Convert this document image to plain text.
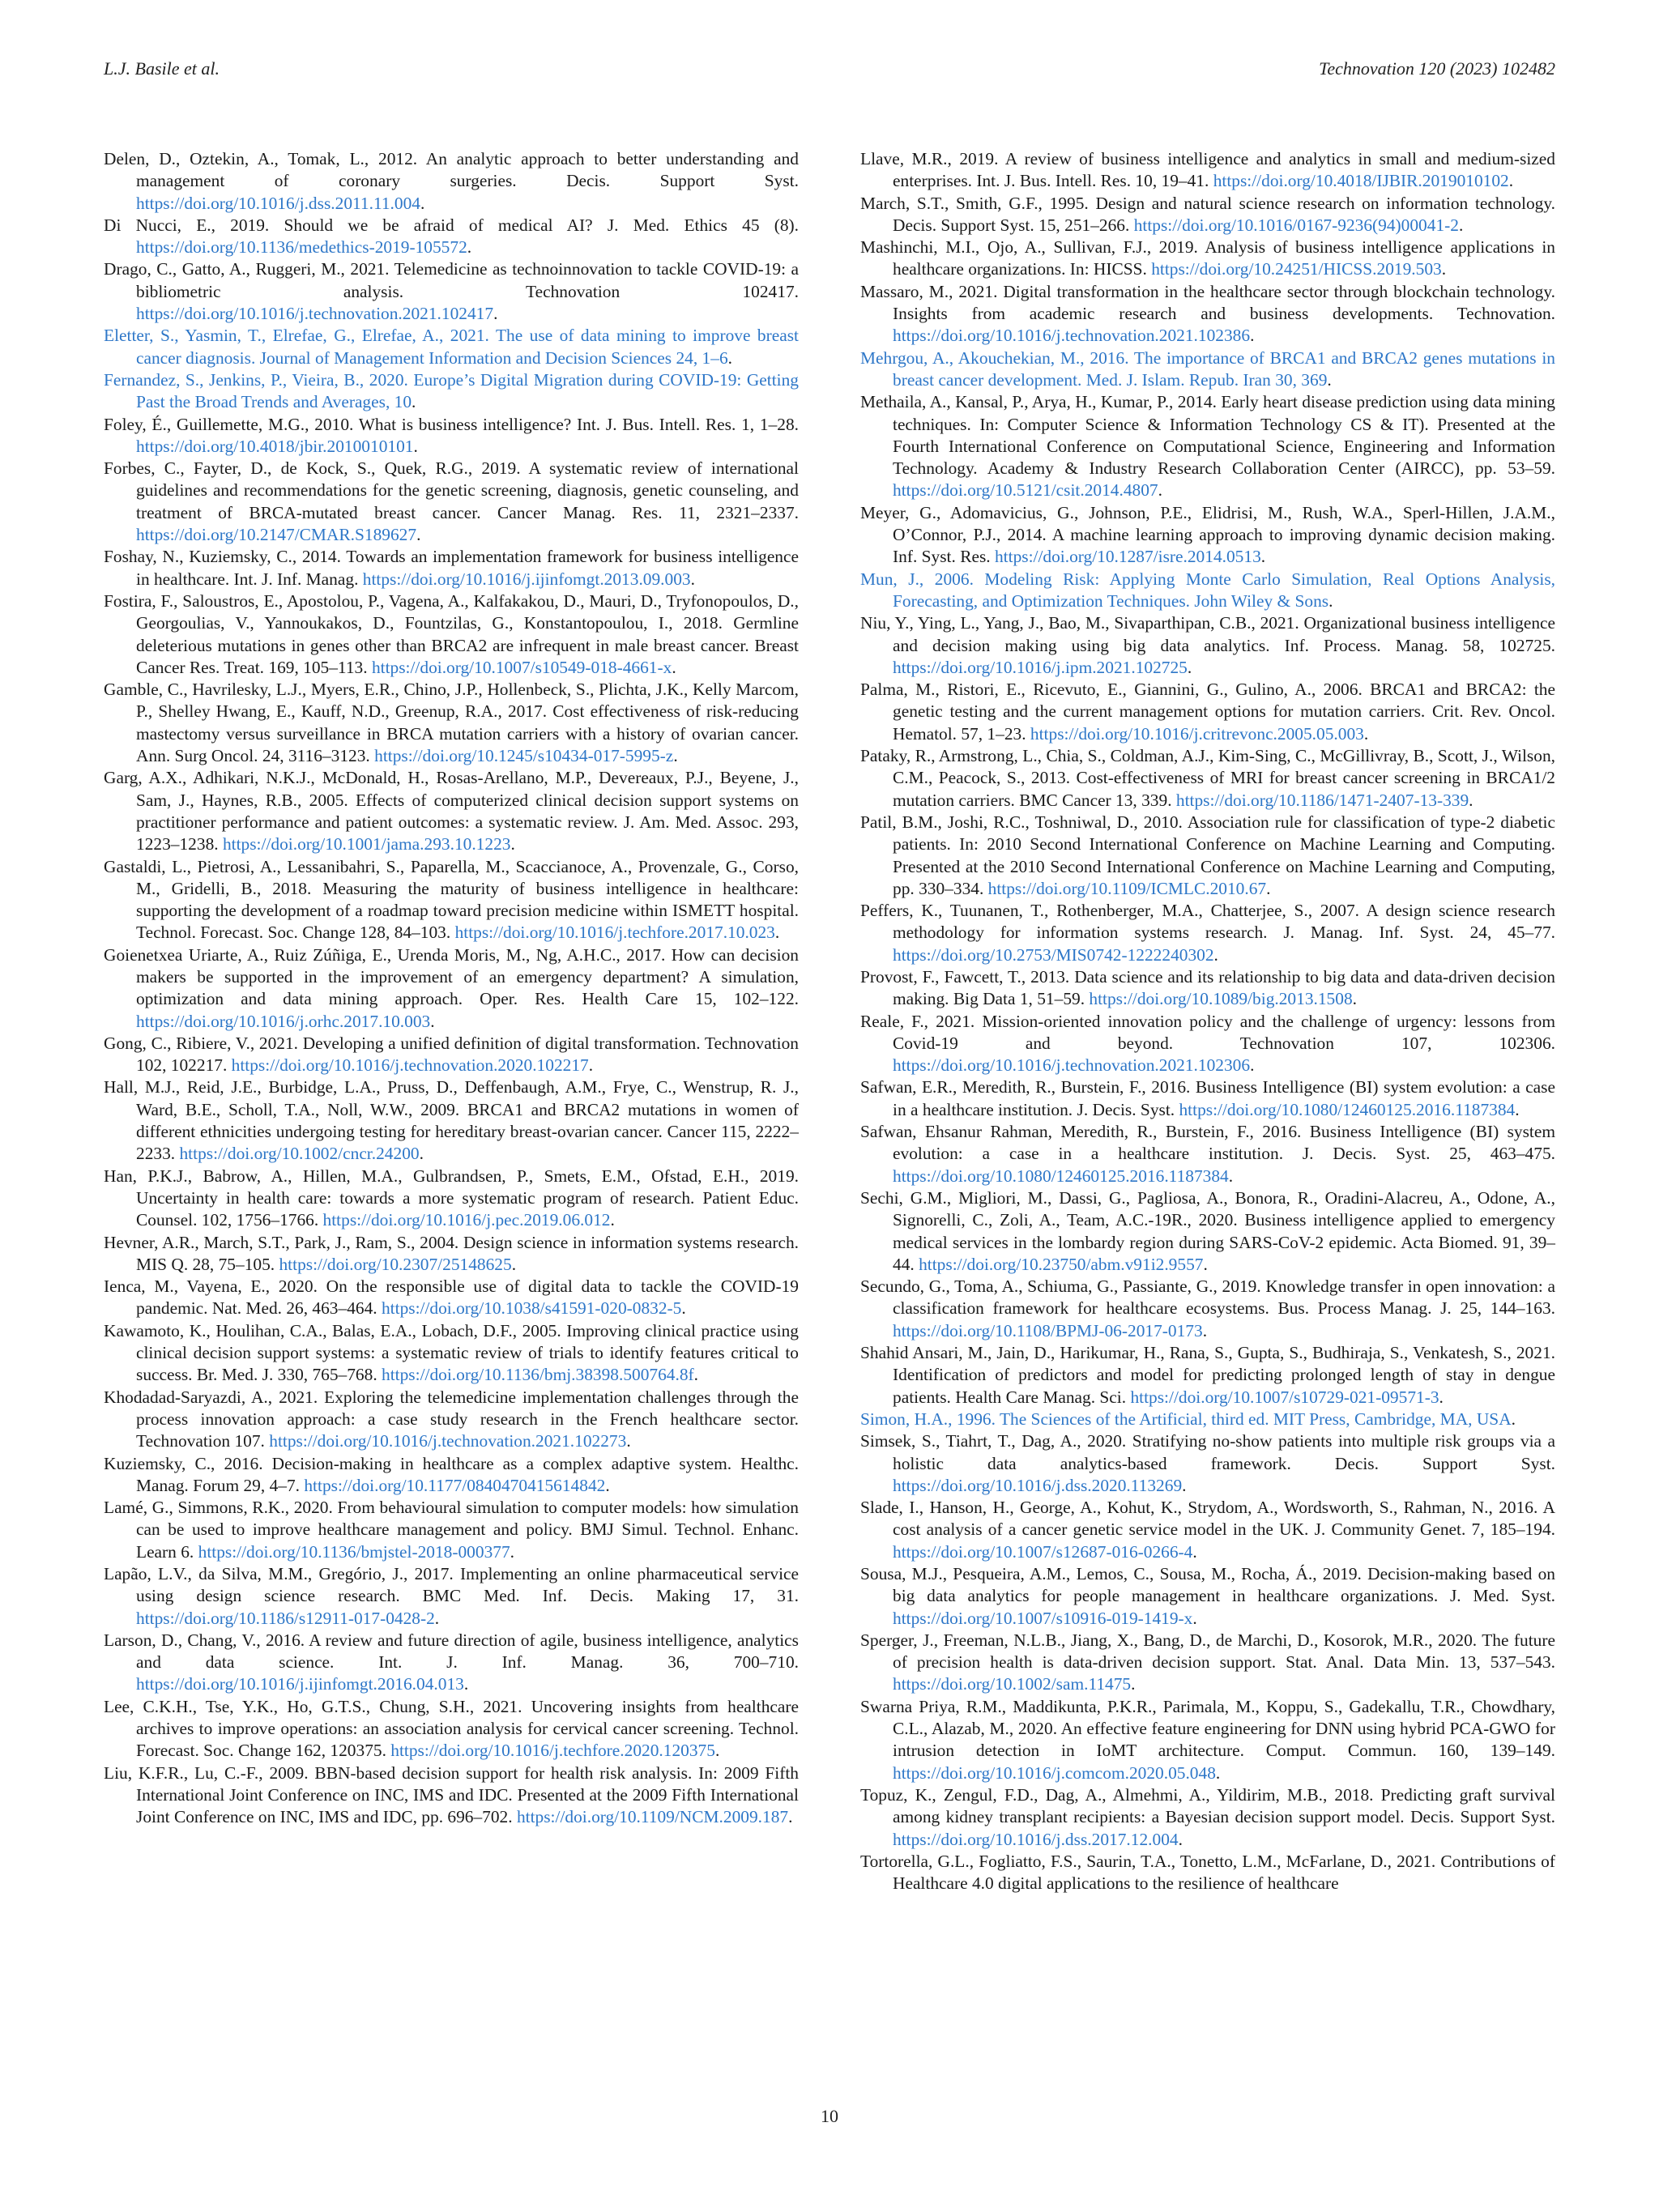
L.J. Basile et al.	Technovation 120 (2023) 102482

Delen, D., Oztekin, A., Tomak, L., 2012. An analytic approach to better understanding and management of coronary surgeries. Decis. Support Syst. https://doi.org/10.1016/j.dss.2011.11.004.

Di Nucci, E., 2019. Should we be afraid of medical AI? J. Med. Ethics 45 (8). https://doi.org/10.1136/medethics-2019-105572.

Drago, C., Gatto, A., Ruggeri, M., 2021. Telemedicine as technoinnovation to tackle COVID-19: a bibliometric analysis. Technovation 102417. https://doi.org/10.1016/j.technovation.2021.102417.

Eletter, S., Yasmin, T., Elrefae, G., Elrefae, A., 2021. The use of data mining to improve breast cancer diagnosis. Journal of Management Information and Decision Sciences 24, 1–6.

Fernandez, S., Jenkins, P., Vieira, B., 2020. Europe’s Digital Migration during COVID-19: Getting Past the Broad Trends and Averages, 10.

Foley, É., Guillemette, M.G., 2010. What is business intelligence? Int. J. Bus. Intell. Res. 1, 1–28. https://doi.org/10.4018/jbir.2010010101.

Forbes, C., Fayter, D., de Kock, S., Quek, R.G., 2019. A systematic review of international guidelines and recommendations for the genetic screening, diagnosis, genetic counseling, and treatment of BRCA-mutated breast cancer. Cancer Manag. Res. 11, 2321–2337. https://doi.org/10.2147/CMAR.S189627.

Foshay, N., Kuziemsky, C., 2014. Towards an implementation framework for business intelligence in healthcare. Int. J. Inf. Manag. https://doi.org/10.1016/j.ijinfomgt.2013.09.003.

Fostira, F., Saloustros, E., Apostolou, P., Vagena, A., Kalfakakou, D., Mauri, D., Tryfonopoulos, D., Georgoulias, V., Yannoukakos, D., Fountzilas, G., Konstantopoulou, I., 2018. Germline deleterious mutations in genes other than BRCA2 are infrequent in male breast cancer. Breast Cancer Res. Treat. 169, 105–113. https://doi.org/10.1007/s10549-018-4661-x.

Gamble, C., Havrilesky, L.J., Myers, E.R., Chino, J.P., Hollenbeck, S., Plichta, J.K., Kelly Marcom, P., Shelley Hwang, E., Kauff, N.D., Greenup, R.A., 2017. Cost effectiveness of risk-reducing mastectomy versus surveillance in BRCA mutation carriers with a history of ovarian cancer. Ann. Surg Oncol. 24, 3116–3123. https://doi.org/10.1245/s10434-017-5995-z.

Garg, A.X., Adhikari, N.K.J., McDonald, H., Rosas-Arellano, M.P., Devereaux, P.J., Beyene, J., Sam, J., Haynes, R.B., 2005. Effects of computerized clinical decision support systems on practitioner performance and patient outcomes: a systematic review. J. Am. Med. Assoc. 293, 1223–1238. https://doi.org/10.1001/jama.293.10.1223.

Gastaldi, L., Pietrosi, A., Lessanibahri, S., Paparella, M., Scaccianoce, A., Provenzale, G., Corso, M., Gridelli, B., 2018. Measuring the maturity of business intelligence in healthcare: supporting the development of a roadmap toward precision medicine within ISMETT hospital. Technol. Forecast. Soc. Change 128, 84–103. https://doi.org/10.1016/j.techfore.2017.10.023.

Goienetxea Uriarte, A., Ruiz Zúñiga, E., Urenda Moris, M., Ng, A.H.C., 2017. How can decision makers be supported in the improvement of an emergency department? A simulation, optimization and data mining approach. Oper. Res. Health Care 15, 102–122. https://doi.org/10.1016/j.orhc.2017.10.003.

Gong, C., Ribiere, V., 2021. Developing a unified definition of digital transformation. Technovation 102, 102217. https://doi.org/10.1016/j.technovation.2020.102217.

Hall, M.J., Reid, J.E., Burbidge, L.A., Pruss, D., Deffenbaugh, A.M., Frye, C., Wenstrup, R. J., Ward, B.E., Scholl, T.A., Noll, W.W., 2009. BRCA1 and BRCA2 mutations in women of different ethnicities undergoing testing for hereditary breast-ovarian cancer. Cancer 115, 2222–2233. https://doi.org/10.1002/cncr.24200.

Han, P.K.J., Babrow, A., Hillen, M.A., Gulbrandsen, P., Smets, E.M., Ofstad, E.H., 2019. Uncertainty in health care: towards a more systematic program of research. Patient Educ. Counsel. 102, 1756–1766. https://doi.org/10.1016/j.pec.2019.06.012.

Hevner, A.R., March, S.T., Park, J., Ram, S., 2004. Design science in information systems research. MIS Q. 28, 75–105. https://doi.org/10.2307/25148625.

Ienca, M., Vayena, E., 2020. On the responsible use of digital data to tackle the COVID-19 pandemic. Nat. Med. 26, 463–464. https://doi.org/10.1038/s41591-020-0832-5.

Kawamoto, K., Houlihan, C.A., Balas, E.A., Lobach, D.F., 2005. Improving clinical practice using clinical decision support systems: a systematic review of trials to identify features critical to success. Br. Med. J. 330, 765–768. https://doi.org/10.1136/bmj.38398.500764.8f.

Khodadad-Saryazdi, A., 2021. Exploring the telemedicine implementation challenges through the process innovation approach: a case study research in the French healthcare sector. Technovation 107. https://doi.org/10.1016/j.technovation.2021.102273.

Kuziemsky, C., 2016. Decision-making in healthcare as a complex adaptive system. Healthc. Manag. Forum 29, 4–7. https://doi.org/10.1177/0840470415614842.

Lamé, G., Simmons, R.K., 2020. From behavioural simulation to computer models: how simulation can be used to improve healthcare management and policy. BMJ Simul. Technol. Enhanc. Learn 6. https://doi.org/10.1136/bmjstel-2018-000377.

Lapão, L.V., da Silva, M.M., Gregório, J., 2017. Implementing an online pharmaceutical service using design science research. BMC Med. Inf. Decis. Making 17, 31. https://doi.org/10.1186/s12911-017-0428-2.

Larson, D., Chang, V., 2016. A review and future direction of agile, business intelligence, analytics and data science. Int. J. Inf. Manag. 36, 700–710. https://doi.org/10.1016/j.ijinfomgt.2016.04.013.

Lee, C.K.H., Tse, Y.K., Ho, G.T.S., Chung, S.H., 2021. Uncovering insights from healthcare archives to improve operations: an association analysis for cervical cancer screening. Technol. Forecast. Soc. Change 162, 120375. https://doi.org/10.1016/j.techfore.2020.120375.

Liu, K.F.R., Lu, C.-F., 2009. BBN-based decision support for health risk analysis. In: 2009 Fifth International Joint Conference on INC, IMS and IDC. Presented at the 2009 Fifth International Joint Conference on INC, IMS and IDC, pp. 696–702. https://doi.org/10.1109/NCM.2009.187.

Llave, M.R., 2019. A review of business intelligence and analytics in small and medium-sized enterprises. Int. J. Bus. Intell. Res. 10, 19–41. https://doi.org/10.4018/IJBIR.2019010102.

March, S.T., Smith, G.F., 1995. Design and natural science research on information technology. Decis. Support Syst. 15, 251–266. https://doi.org/10.1016/0167-9236(94)00041-2.

Mashinchi, M.I., Ojo, A., Sullivan, F.J., 2019. Analysis of business intelligence applications in healthcare organizations. In: HICSS. https://doi.org/10.24251/HICSS.2019.503.

Massaro, M., 2021. Digital transformation in the healthcare sector through blockchain technology. Insights from academic research and business developments. Technovation. https://doi.org/10.1016/j.technovation.2021.102386.

Mehrgou, A., Akouchekian, M., 2016. The importance of BRCA1 and BRCA2 genes mutations in breast cancer development. Med. J. Islam. Repub. Iran 30, 369.

Methaila, A., Kansal, P., Arya, H., Kumar, P., 2014. Early heart disease prediction using data mining techniques. In: Computer Science & Information Technology CS & IT). Presented at the Fourth International Conference on Computational Science, Engineering and Information Technology. Academy & Industry Research Collaboration Center (AIRCC), pp. 53–59. https://doi.org/10.5121/csit.2014.4807.

Meyer, G., Adomavicius, G., Johnson, P.E., Elidrisi, M., Rush, W.A., Sperl-Hillen, J.A.M., O’Connor, P.J., 2014. A machine learning approach to improving dynamic decision making. Inf. Syst. Res. https://doi.org/10.1287/isre.2014.0513.

Mun, J., 2006. Modeling Risk: Applying Monte Carlo Simulation, Real Options Analysis, Forecasting, and Optimization Techniques. John Wiley & Sons.

Niu, Y., Ying, L., Yang, J., Bao, M., Sivaparthipan, C.B., 2021. Organizational business intelligence and decision making using big data analytics. Inf. Process. Manag. 58, 102725. https://doi.org/10.1016/j.ipm.2021.102725.

Palma, M., Ristori, E., Ricevuto, E., Giannini, G., Gulino, A., 2006. BRCA1 and BRCA2: the genetic testing and the current management options for mutation carriers. Crit. Rev. Oncol. Hematol. 57, 1–23. https://doi.org/10.1016/j.critrevonc.2005.05.003.

Pataky, R., Armstrong, L., Chia, S., Coldman, A.J., Kim-Sing, C., McGillivray, B., Scott, J., Wilson, C.M., Peacock, S., 2013. Cost-effectiveness of MRI for breast cancer screening in BRCA1/2 mutation carriers. BMC Cancer 13, 339. https://doi.org/10.1186/1471-2407-13-339.

Patil, B.M., Joshi, R.C., Toshniwal, D., 2010. Association rule for classification of type-2 diabetic patients. In: 2010 Second International Conference on Machine Learning and Computing. Presented at the 2010 Second International Conference on Machine Learning and Computing, pp. 330–334. https://doi.org/10.1109/ICMLC.2010.67.

Peffers, K., Tuunanen, T., Rothenberger, M.A., Chatterjee, S., 2007. A design science research methodology for information systems research. J. Manag. Inf. Syst. 24, 45–77. https://doi.org/10.2753/MIS0742-1222240302.

Provost, F., Fawcett, T., 2013. Data science and its relationship to big data and data-driven decision making. Big Data 1, 51–59. https://doi.org/10.1089/big.2013.1508.

Reale, F., 2021. Mission-oriented innovation policy and the challenge of urgency: lessons from Covid-19 and beyond. Technovation 107, 102306. https://doi.org/10.1016/j.technovation.2021.102306.

Safwan, E.R., Meredith, R., Burstein, F., 2016. Business Intelligence (BI) system evolution: a case in a healthcare institution. J. Decis. Syst. https://doi.org/10.1080/12460125.2016.1187384.

Safwan, Ehsanur Rahman, Meredith, R., Burstein, F., 2016. Business Intelligence (BI) system evolution: a case in a healthcare institution. J. Decis. Syst. 25, 463–475. https://doi.org/10.1080/12460125.2016.1187384.

Sechi, G.M., Migliori, M., Dassi, G., Pagliosa, A., Bonora, R., Oradini-Alacreu, A., Odone, A., Signorelli, C., Zoli, A., Team, A.C.-19R., 2020. Business intelligence applied to emergency medical services in the lombardy region during SARS-CoV-2 epidemic. Acta Biomed. 91, 39–44. https://doi.org/10.23750/abm.v91i2.9557.

Secundo, G., Toma, A., Schiuma, G., Passiante, G., 2019. Knowledge transfer in open innovation: a classification framework for healthcare ecosystems. Bus. Process Manag. J. 25, 144–163. https://doi.org/10.1108/BPMJ-06-2017-0173.

Shahid Ansari, M., Jain, D., Harikumar, H., Rana, S., Gupta, S., Budhiraja, S., Venkatesh, S., 2021. Identification of predictors and model for predicting prolonged length of stay in dengue patients. Health Care Manag. Sci. https://doi.org/10.1007/s10729-021-09571-3.

Simon, H.A., 1996. The Sciences of the Artificial, third ed. MIT Press, Cambridge, MA, USA.

Simsek, S., Tiahrt, T., Dag, A., 2020. Stratifying no-show patients into multiple risk groups via a holistic data analytics-based framework. Decis. Support Syst. https://doi.org/10.1016/j.dss.2020.113269.

Slade, I., Hanson, H., George, A., Kohut, K., Strydom, A., Wordsworth, S., Rahman, N., 2016. A cost analysis of a cancer genetic service model in the UK. J. Community Genet. 7, 185–194. https://doi.org/10.1007/s12687-016-0266-4.

Sousa, M.J., Pesqueira, A.M., Lemos, C., Sousa, M., Rocha, Á., 2019. Decision-making based on big data analytics for people management in healthcare organizations. J. Med. Syst. https://doi.org/10.1007/s10916-019-1419-x.

Sperger, J., Freeman, N.L.B., Jiang, X., Bang, D., de Marchi, D., Kosorok, M.R., 2020. The future of precision health is data-driven decision support. Stat. Anal. Data Min. 13, 537–543. https://doi.org/10.1002/sam.11475.

Swarna Priya, R.M., Maddikunta, P.K.R., Parimala, M., Koppu, S., Gadekallu, T.R., Chowdhary, C.L., Alazab, M., 2020. An effective feature engineering for DNN using hybrid PCA-GWO for intrusion detection in IoMT architecture. Comput. Commun. 160, 139–149. https://doi.org/10.1016/j.comcom.2020.05.048.

Topuz, K., Zengul, F.D., Dag, A., Almehmi, A., Yildirim, M.B., 2018. Predicting graft survival among kidney transplant recipients: a Bayesian decision support model. Decis. Support Syst. https://doi.org/10.1016/j.dss.2017.12.004.

Tortorella, G.L., Fogliatto, F.S., Saurin, T.A., Tonetto, L.M., McFarlane, D., 2021. Contributions of Healthcare 4.0 digital applications to the resilience of healthcare

10
